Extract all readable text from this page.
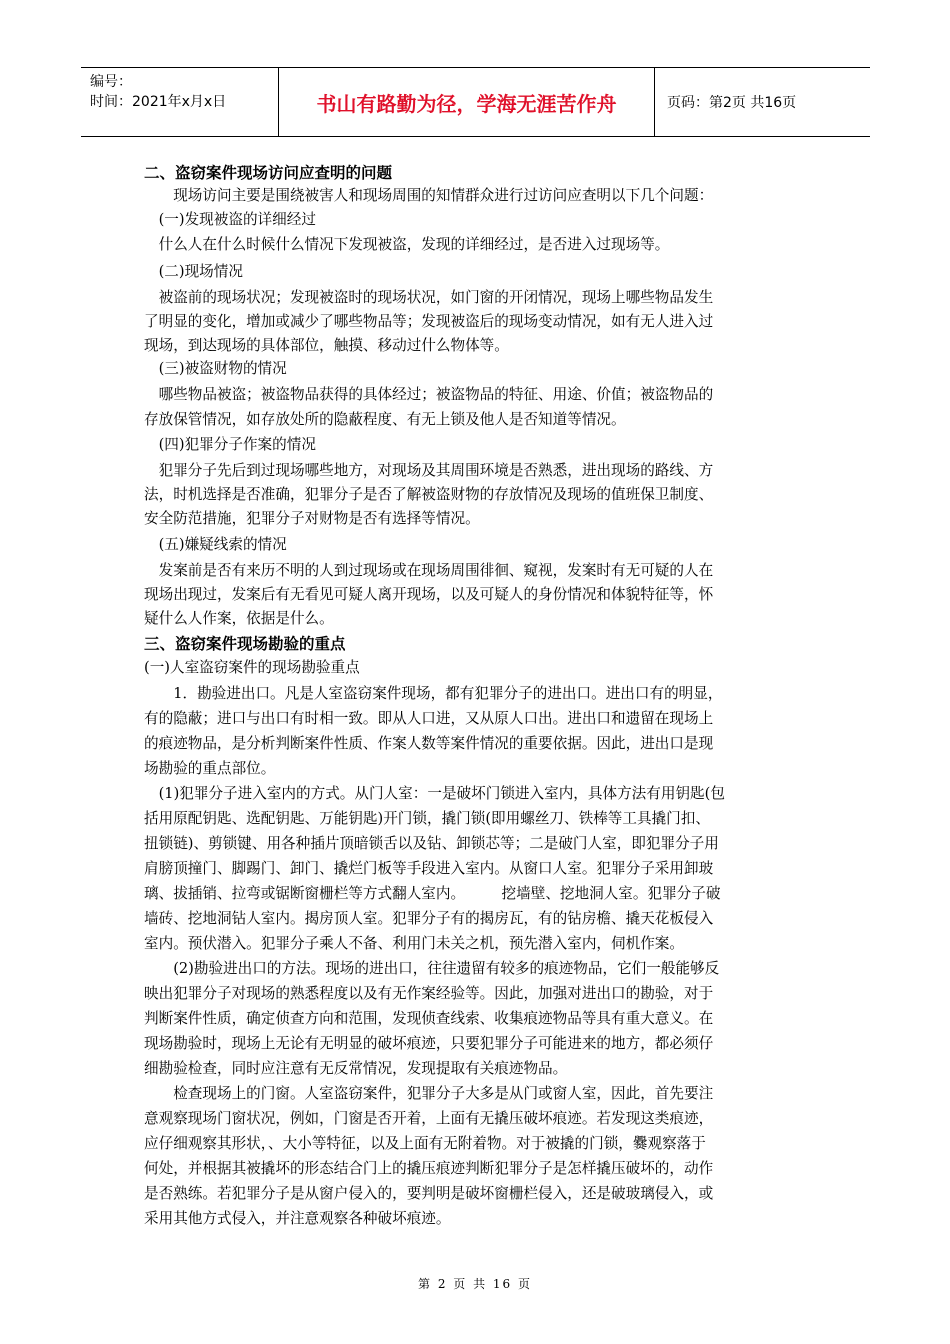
编号：
时间：2021年x月x日	书山有路勤为径，学海无涯苦作舟	页码：第2页 共16页
二、盗窃案件现场访问应查明的问题
　　现场访问主要是围绕被害人和现场周围的知情群众进行过访问应查明以下几个问题：
　(一)发现被盗的详细经过
　什么人在什么时候什么情况下发现被盗，发现的详细经过，是否进入过现场等。
　(二)现场情况
　被盗前的现场状况；发现被盗时的现场状况，如门窗的开闭情况，现场上哪些物品发生
了明显的变化，增加或减少了哪些物品等；发现被盗后的现场变动情况，如有无人进入过
现场，到达现场的具体部位，触摸、移动过什么物体等。
　(三)被盗财物的情况
　哪些物品被盗；被盗物品获得的具体经过；被盗物品的特征、用途、价值；被盗物品的
存放保管情况，如存放处所的隐蔽程度、有无上锁及他人是否知道等情况。
　(四)犯罪分子作案的情况
　犯罪分子先后到过现场哪些地方，对现场及其周围环境是否熟悉，进出现场的路线、方
法，时机选择是否准确，犯罪分子是否了解被盗财物的存放情况及现场的值班保卫制度、
安全防范措施，犯罪分子对财物是否有选择等情况。
　(五)嫌疑线索的情况
　发案前是否有来历不明的人到过现场或在现场周围徘徊、窥视，发案时有无可疑的人在
现场出现过，发案后有无看见可疑人离开现场，以及可疑人的身份情况和体貌特征等，怀
疑什么人作案，依据是什么。
三、盗窃案件现场勘验的重点
(一)人室盗窃案件的现场勘验重点
　　1．勘验进出口。凡是人室盗窃案件现场，都有犯罪分子的进出口。进出口有的明显，
有的隐蔽；进口与出口有时相一致。即从人口进，又从原人口出。进出口和遗留在现场上
的痕迹物品，是分析判断案件性质、作案人数等案件情况的重要依据。因此，进出口是现
场勘验的重点部位。
　(1)犯罪分子进入室内的方式。从门人室：一是破坏门锁进入室内，具体方法有用钥匙(包
括用原配钥匙、选配钥匙、万能钥匙)开门锁，撬门锁(即用螺丝刀、铁棒等工具撬门扣、
扭锁链)、剪锁键、用各种插片顶暗锁舌以及钻、卸锁芯等；二是破门人室，即犯罪分子用
肩膀顶撞门、脚踢门、卸门、撬烂门板等手段进入室内。从窗口人室。犯罪分子采用卸玻
璃、拔插销、拉弯或锯断窗栅栏等方式翻人室内。　　　挖墙壁、挖地洞人室。犯罪分子破
墙砖、挖地洞钻人室内。揭房顶人室。犯罪分子有的揭房瓦，有的钻房檐、撬天花板侵入
室内。预伏潜入。犯罪分子乘人不备、利用门未关之机，预先潜入室内，伺机作案。
　　(2)勘验进出口的方法。现场的进出口，往往遗留有较多的痕迹物品，它们一般能够反
映出犯罪分子对现场的熟悉程度以及有无作案经验等。因此，加强对进出口的勘验，对于
判断案件性质，确定侦查方向和范围，发现侦查线索、收集痕迹物品等具有重大意义。在
现场勘验时，现场上无论有无明显的破坏痕迹，只要犯罪分子可能进来的地方，都必须仔
细勘验检查，同时应注意有无反常情况，发现提取有关痕迹物品。
　　检查现场上的门窗。人室盗窃案件，犯罪分子大多是从门或窗人室，因此，首先要注
意观察现场门窗状况，例如，门窗是否开着，上面有无撬压破坏痕迹。若发现这类痕迹，
应仔细观察其形状，、大小等特征，以及上面有无附着物。对于被撬的门锁，爨观察落于
何处，并根据其被撬坏的形态结合门上的撬压痕迹判断犯罪分子是怎样撬压破坏的，动作
是否熟练。若犯罪分子是从窗户侵入的，要判明是破坏窗栅栏侵入，还是破玻璃侵入，或
采用其他方式侵入，并注意观察各种破坏痕迹。
第 2 页 共 16 页
